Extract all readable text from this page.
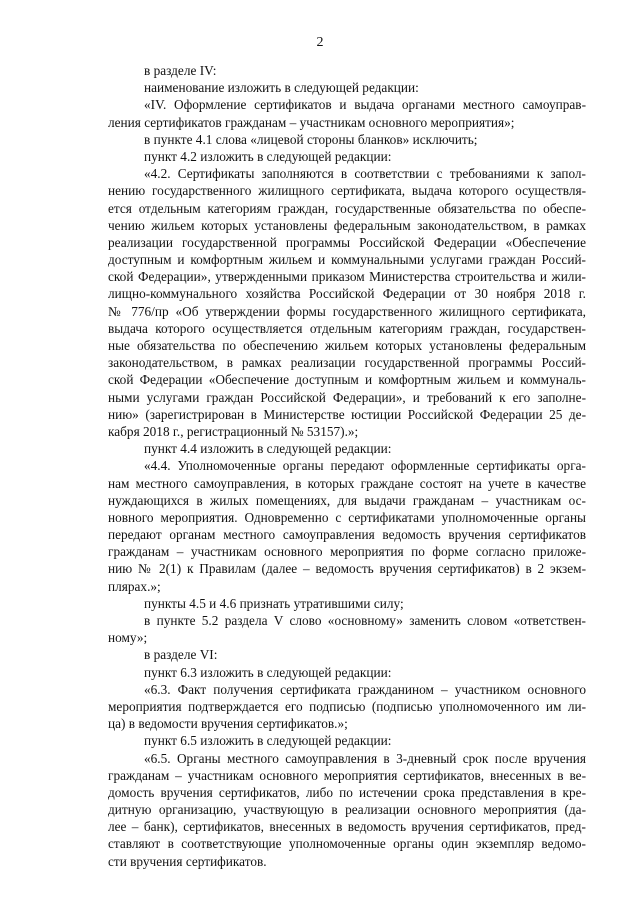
2
в разделе IV:
наименование изложить в следующей редакции:
«IV. Оформление сертификатов и выдача органами местного самоуправ-
ления сертификатов гражданам – участникам основного мероприятия»;
в пункте 4.1 слова «лицевой стороны бланков» исключить;
пункт 4.2 изложить в следующей редакции:
«4.2. Сертификаты заполняются в соответствии с требованиями к запол-
нению государственного жилищного сертификата, выдача которого осуществля-
ется отдельным категориям граждан, государственные обязательства по обеспе-
чению жильем которых установлены федеральным законодательством, в рамках
реализации государственной программы Российской Федерации «Обеспечение
доступным и комфортным жильем и коммунальными услугами граждан Россий-
ской Федерации», утвержденными приказом Министерства строительства и жили-
лищно-коммунального хозяйства Российской Федерации от 30 ноября 2018 г.
№ 776/пр «Об утверждении формы государственного жилищного сертификата,
выдача которого осуществляется отдельным категориям граждан, государствен-
ные обязательства по обеспечению жильем которых установлены федеральным
законодательством, в рамках реализации государственной программы Россий-
ской Федерации «Обеспечение доступным и комфортным жильем и коммуналь-
ными услугами граждан Российской Федерации», и требований к его заполне-
нию» (зарегистрирован в Министерстве юстиции Российской Федерации 25 де-
кабря 2018 г., регистрационный № 53157).»;
пункт 4.4 изложить в следующей редакции:
«4.4. Уполномоченные органы передают оформленные сертификаты орга-
нам местного самоуправления, в которых граждане состоят на учете в качестве
нуждающихся в жилых помещениях, для выдачи гражданам – участникам ос-
новного мероприятия. Одновременно с сертификатами уполномоченные органы
передают органам местного самоуправления ведомость вручения сертификатов
гражданам – участникам основного мероприятия по форме согласно приложе-
нию № 2(1) к Правилам (далее – ведомость вручения сертификатов) в 2 экзем-
плярах.»;
пункты 4.5 и 4.6 признать утратившими силу;
в пункте 5.2 раздела V слово «основному» заменить словом «ответствен-
ному»;
в разделе VI:
пункт 6.3 изложить в следующей редакции:
«6.3. Факт получения сертификата гражданином – участником основного
мероприятия подтверждается его подписью (подписью уполномоченного им ли-
ца) в ведомости вручения сертификатов.»;
пункт 6.5 изложить в следующей редакции:
«6.5. Органы местного самоуправления в 3-дневный срок после вручения
гражданам – участникам основного мероприятия сертификатов, внесенных в ве-
домость вручения сертификатов, либо по истечении срока представления в кре-
дитную организацию, участвующую в реализации основного мероприятия (да-
лее – банк), сертификатов, внесенных в ведомость вручения сертификатов, пред-
ставляют в соответствующие уполномоченные органы один экземпляр ведомо-
сти вручения сертификатов.
